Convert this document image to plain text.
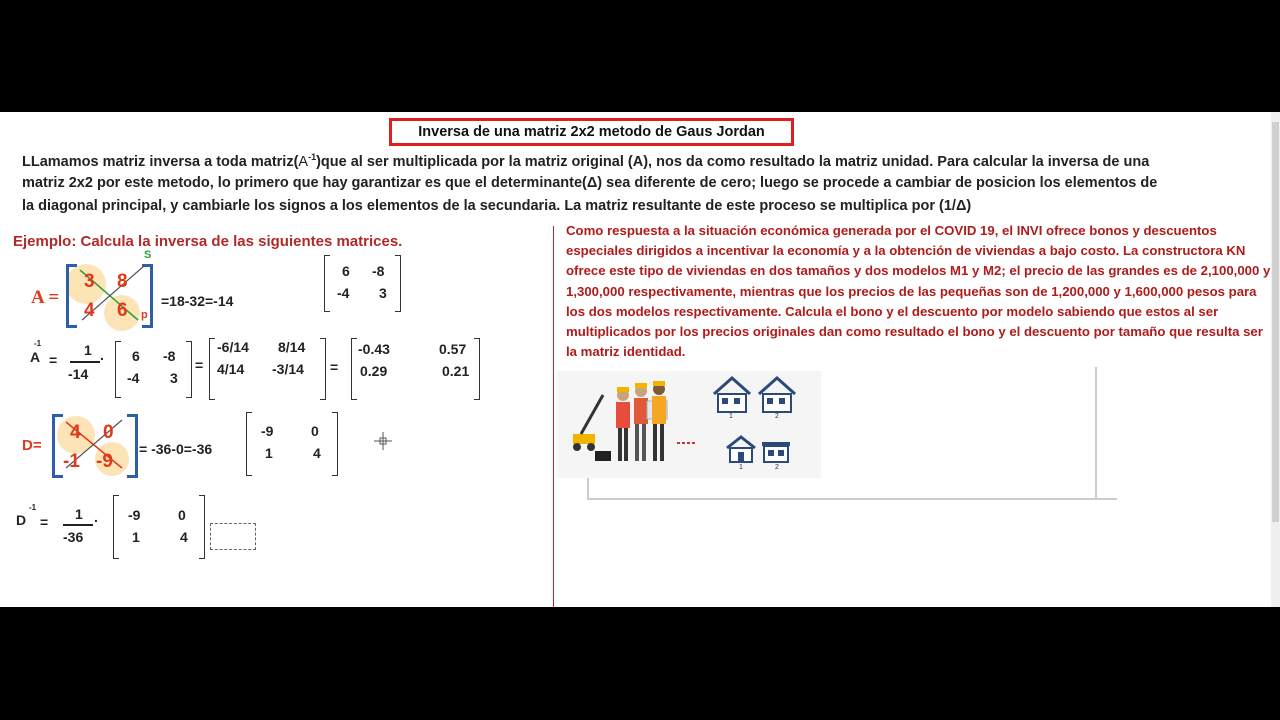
Inversa de una matriz 2x2 metodo de Gaus Jordan
LLamamos matriz inversa a toda $matriz(A^{-1})que$ al ser multiplicada por la matriz original (A), nos da como resultado la matriz unidad. Para calcular la inversa de una
matriz 2x2 por este metodo, lo primero que hay garantizar es que el determinante(Δ) sea diferente de cero; luego se procede a cambiar de posicion los elementos de
la diagonal principal, y cambiarle los signos a los elementos de la secundaria. La matriz resultante de este proceso se multiplica por (1/Δ)
Ejemplo: Calcula la inversa de las siguientes matrices.
A =
3 8
4 6
S
p
=18-32=-14
6 -8
-4 3
A
-1
=
1
-14
. 6 -8
-4 3
=
-6/14 8/14
4/14 -3/14 =
-0.43	0.57
0.29	0.21
D=
4 0
-1 -9
= -36-0=-36
-9	0
1	4
D
-1
= 1
-36
. -9	0
1	4
Como respuesta a la situación económica generada por el COVID 19, el INVI ofrece bonos y descuentos especiales dirigidos a incentivar la economía y a la obtención de viviendas a bajo costo. La constructora KN ofrece este tipo de viviendas en dos tamaños y dos modelos M1 y M2; el precio de las grandes es de 2,100,000 y 1,300,000 respectivamente, mientras que los precios de las pequeñas son de 1,200,000 y 1,600,000 pesos para los dos modelos respectivamente. Calcula el bono y el descuento por modelo sabiendo que estos al ser multiplicados por los precios originales dan como resultado el bono y el descuento por tamaño que resulta ser la matriz identidad.
1	2
1	2
